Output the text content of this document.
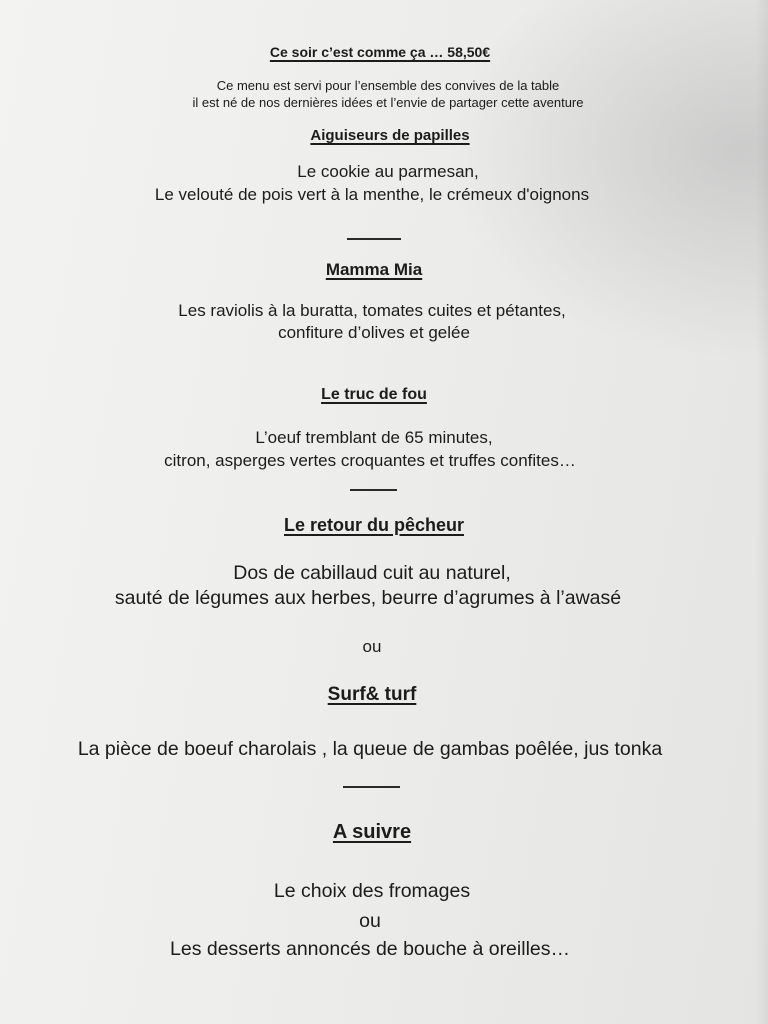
Ce soir c’est comme ça … 58,50€

Ce menu est servi pour l’ensemble des convives de la table

il est né de nos dernières idées et l’envie de partager cette aventure

Aiguiseurs de papilles

Le cookie au parmesan,

Le velouté de pois vert à la menthe, le crémeux d'oignons

Mamma Mia

Les raviolis à la buratta, tomates cuites et pétantes,

confiture d’olives et gelée

Le truc de fou

L’oeuf tremblant de 65 minutes,

citron, asperges vertes croquantes et truffes confites…

Le retour du pêcheur

Dos de cabillaud cuit au naturel,

sauté de légumes aux herbes, beurre d’agrumes à l’awasé

ou

Surf& turf

La pièce de boeuf charolais , la queue de gambas poêlée, jus tonka

A suivre

Le choix des fromages

ou

Les desserts annoncés de bouche à oreilles…
